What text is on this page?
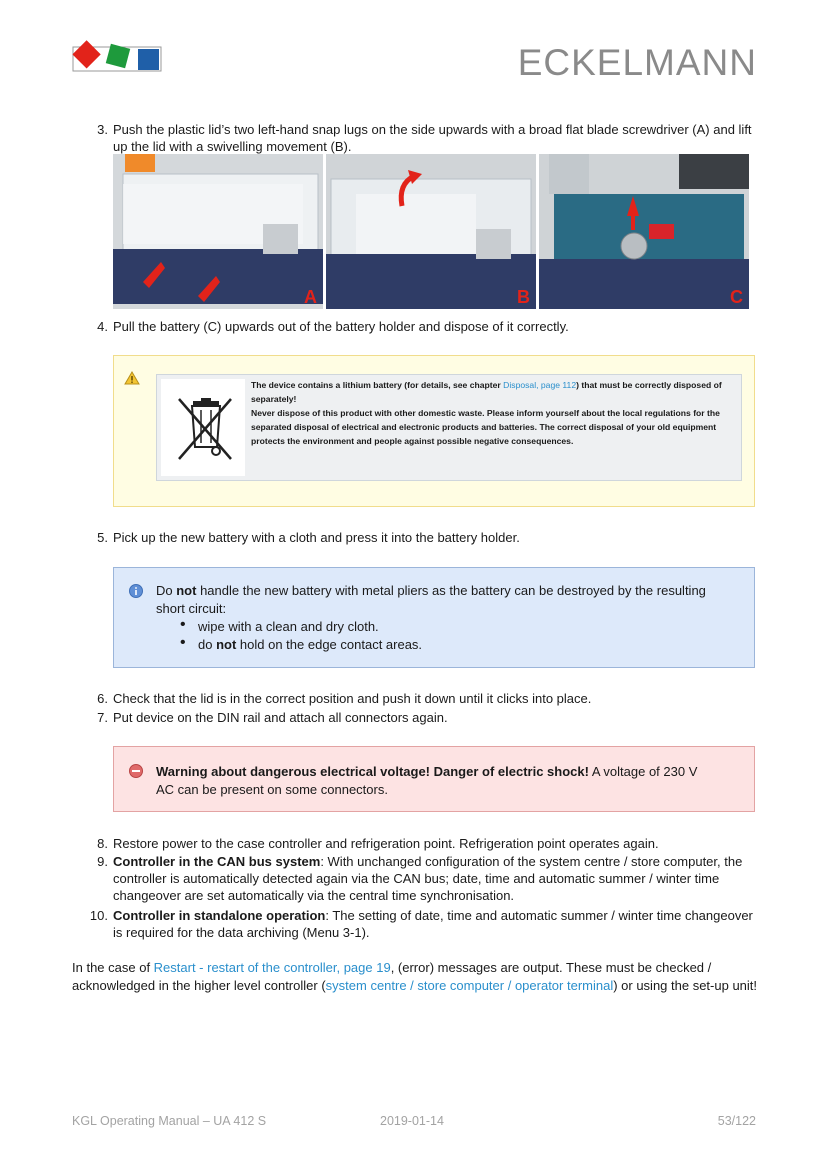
ECKELMANN
3. Push the plastic lid’s two left-hand snap lugs on the side upwards with a broad flat blade screwdriver (A) and lift up the lid with a swivelling movement (B).
A	B	C
4. Pull the battery (C) upwards out of the battery holder and dispose of it correctly.
The device contains a lithium battery (for details, see chapter Disposal, page 112) that must be correctly disposed of separately!
Never dispose of this product with other domestic waste. Please inform yourself about the local regulations for the separated disposal of electrical and electronic products and batteries. The correct disposal of your old equipment protects the environment and people against possible negative consequences.
5. Pick up the new battery with a cloth and press it into the battery holder.
Do not handle the new battery with metal pliers as the battery can be destroyed by the resulting short circuit:
• wipe with a clean and dry cloth.
• do not hold on the edge contact areas.
6. Check that the lid is in the correct position and push it down until it clicks into place.
7. Put device on the DIN rail and attach all connectors again.
Warning about dangerous electrical voltage! Danger of electric shock! A voltage of 230 V AC can be present on some connectors.
8. Restore power to the case controller and refrigeration point. Refrigeration point operates again.
9. Controller in the CAN bus system: With unchanged configuration of the system centre / store computer, the controller is automatically detected again via the CAN bus; date, time and automatic summer / winter time changeover are set automatically via the central time synchronisation.
10. Controller in standalone operation: The setting of date, time and automatic summer / winter time changeover is required for the data archiving (Menu 3-1).
In the case of Restart - restart of the controller, page 19, (error) messages are output. These must be checked / acknowledged in the higher level controller (system centre / store computer / operator terminal) or using the set-up unit!
KGL Operating Manual – UA 412 S	2019-01-14	53/122
